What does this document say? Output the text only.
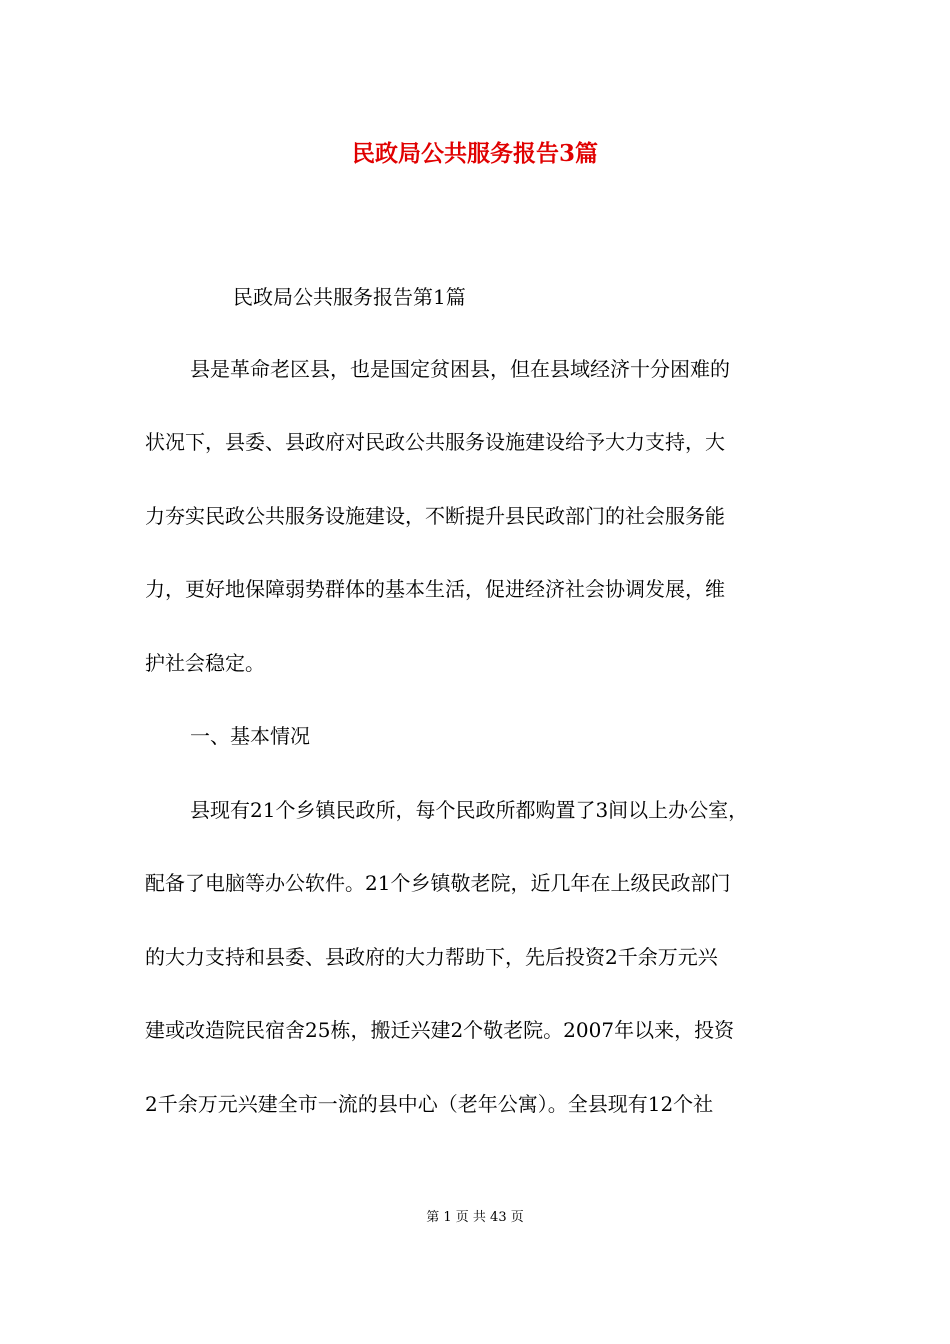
民政局公共服务报告3篇

民政局公共服务报告第1篇

县是革命老区县，也是国定贫困县，但在县域经济十分困难的

状况下，县委、县政府对民政公共服务设施建设给予大力支持，大

力夯实民政公共服务设施建设，不断提升县民政部门的社会服务能

力，更好地保障弱势群体的基本生活，促进经济社会协调发展，维

护社会稳定。

一、基本情况

县现有21个乡镇民政所，每个民政所都购置了3间以上办公室，

配备了电脑等办公软件。21个乡镇敬老院，近几年在上级民政部门

的大力支持和县委、县政府的大力帮助下，先后投资2千余万元兴

建或改造院民宿舍25栋，搬迁兴建2个敬老院。2007年以来，投资

2千余万元兴建全市一流的县中心（老年公寓）。全县现有12个社

第 1 页 共 43 页
